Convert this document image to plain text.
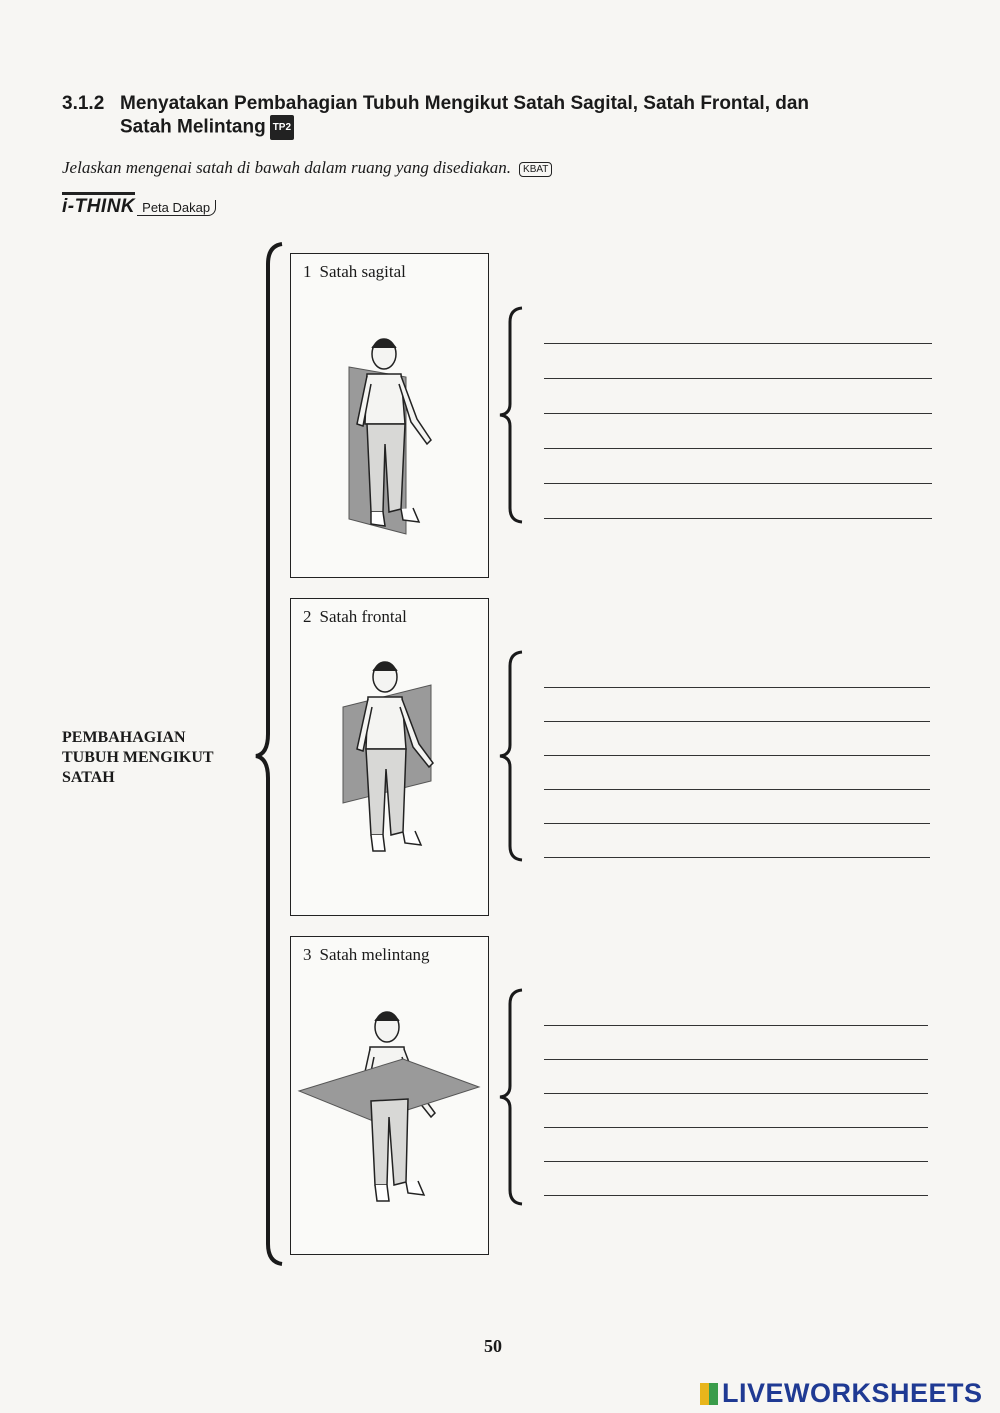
3.1.2 Menyatakan Pembahagian Tubuh Mengikut Satah Sagital, Satah Frontal, dan
Satah Melintang TP2
Jelaskan mengenai satah di bawah dalam ruang yang disediakan. KBAT
i-THINK Peta Dakap
PEMBAHAGIAN
TUBUH MENGIKUT
SATAH
1 Satah sagital
2 Satah frontal
3 Satah melintang
50
LIVEWORKSHEETS
